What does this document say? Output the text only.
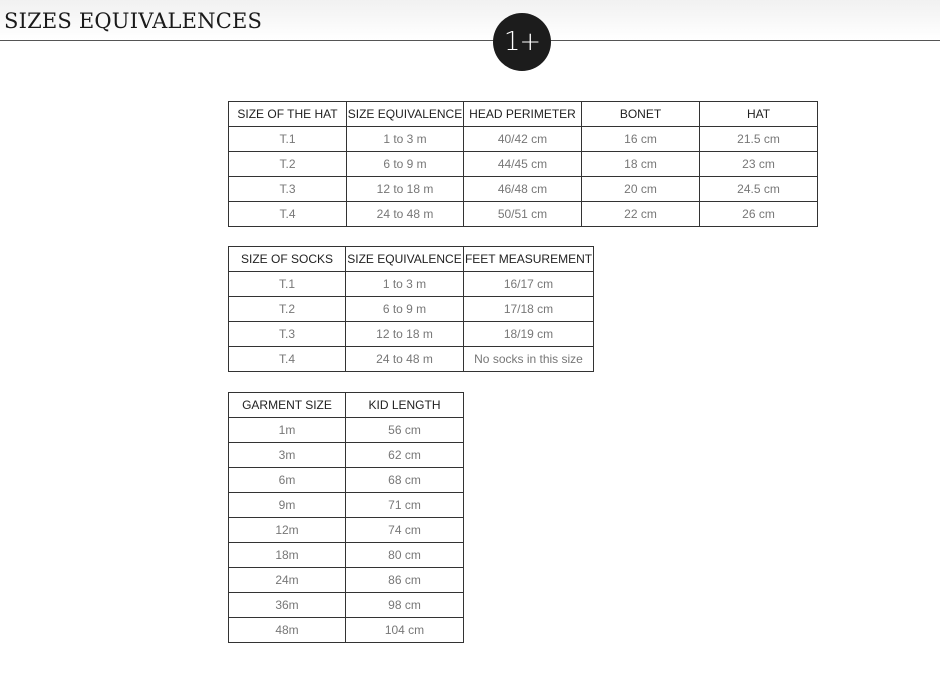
SIZES EQUIVALENCES
1+
SIZE OF THE HAT	SIZE EQUIVALENCE	HEAD PERIMETER	BONET	HAT
T.1	1 to 3 m	40/42 cm	16 cm	21.5 cm
T.2	6 to 9 m	44/45 cm	18 cm	23 cm
T.3	12 to 18 m	46/48 cm	20 cm	24.5 cm
T.4	24 to 48 m	50/51 cm	22 cm	26 cm
SIZE OF SOCKS	SIZE EQUIVALENCE	FEET MEASUREMENT
T.1	1 to 3 m	16/17 cm
T.2	6 to 9 m	17/18 cm
T.3	12 to 18 m	18/19 cm
T.4	24 to 48 m	No socks in this size
GARMENT SIZE	KID LENGTH
1m	56 cm
3m	62 cm
6m	68 cm
9m	71 cm
12m	74 cm
18m	80 cm
24m	86 cm
36m	98 cm
48m	104 cm
